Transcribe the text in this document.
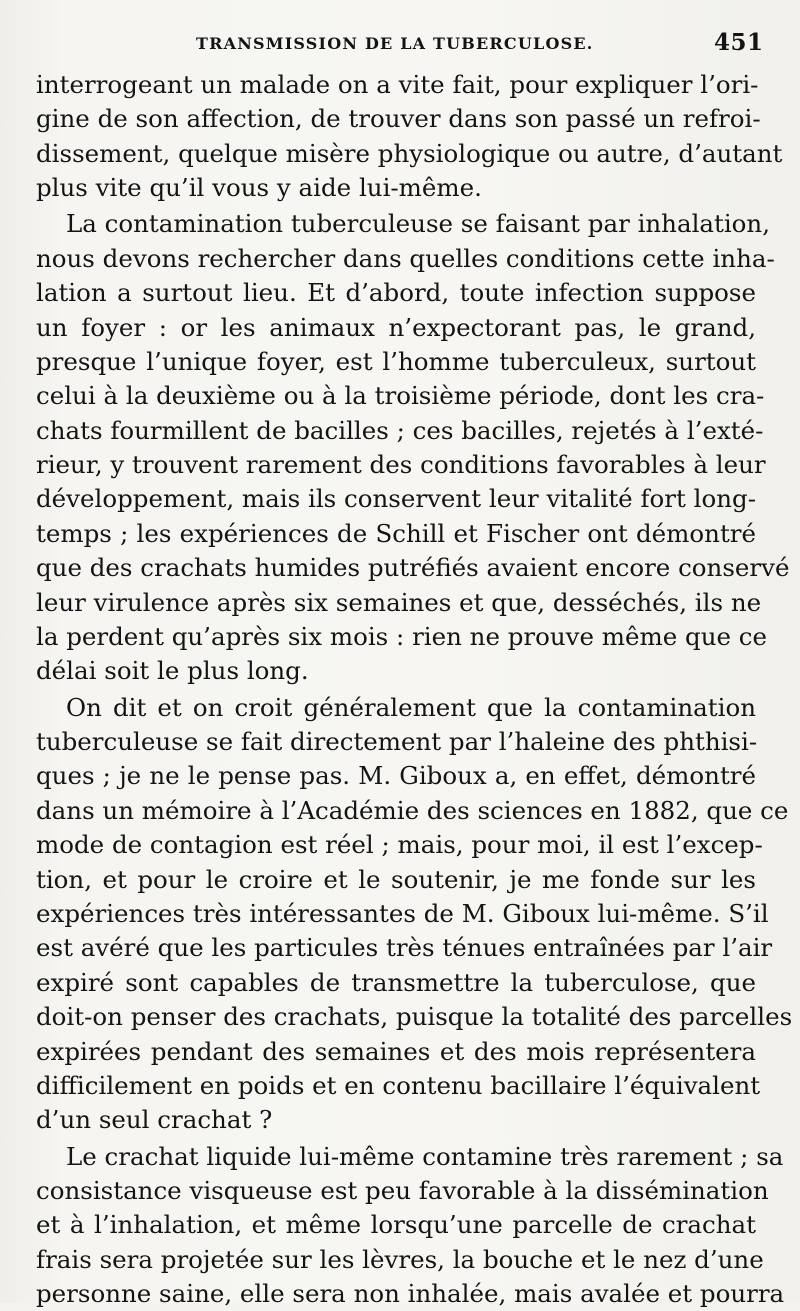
TRANSMISSION DE LA TUBERCULOSE.	451
interrogeant un malade on a vite fait, pour expliquer l’ori-
gine de son affection, de trouver dans son passé un refroi-
dissement, quelque misère physiologique ou autre, d’autant
plus vite qu’il vous y aide lui-même.
La contamination tuberculeuse se faisant par inhalation,
nous devons rechercher dans quelles conditions cette inha-
lation a surtout lieu. Et d’abord, toute infection suppose
un foyer : or les animaux n’expectorant pas, le grand,
presque l’unique foyer, est l’homme tuberculeux, surtout
celui à la deuxième ou à la troisième période, dont les cra-
chats fourmillent de bacilles ; ces bacilles, rejetés à l’exté-
rieur, y trouvent rarement des conditions favorables à leur
développement, mais ils conservent leur vitalité fort long-
temps ; les expériences de Schill et Fischer ont démontré
que des crachats humides putréfiés avaient encore conservé
leur virulence après six semaines et que, desséchés, ils ne
la perdent qu’après six mois : rien ne prouve même que ce
délai soit le plus long.
On dit et on croit généralement que la contamination
tuberculeuse se fait directement par l’haleine des phthisi-
ques ; je ne le pense pas. M. Giboux a, en effet, démontré
dans un mémoire à l’Académie des sciences en 1882, que ce
mode de contagion est réel ; mais, pour moi, il est l’excep-
tion, et pour le croire et le soutenir, je me fonde sur les
expériences très intéressantes de M. Giboux lui-même. S’il
est avéré que les particules très ténues entraînées par l’air
expiré sont capables de transmettre la tuberculose, que
doit-on penser des crachats, puisque la totalité des parcelles
expirées pendant des semaines et des mois représentera
difficilement en poids et en contenu bacillaire l’équivalent
d’un seul crachat ?
Le crachat liquide lui-même contamine très rarement ; sa
consistance visqueuse est peu favorable à la dissémination
et à l’inhalation, et même lorsqu’une parcelle de crachat
frais sera projetée sur les lèvres, la bouche et le nez d’une
personne saine, elle sera non inhalée, mais avalée et pourra
